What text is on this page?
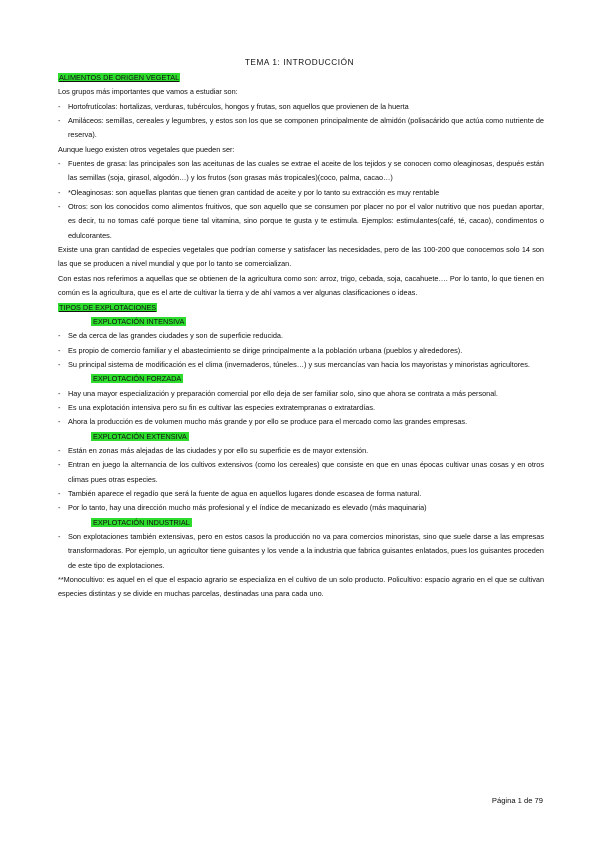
TEMA 1: INTRODUCCIÓN

ALIMENTOS DE ORIGEN VEGETAL

Los grupos más importantes que vamos a estudiar son:

- Hortofrutícolas: hortalizas, verduras, tubérculos, hongos y frutas, son aquellos que provienen de la huerta
- Amiláceos: semillas, cereales y legumbres, y estos son los que se componen principalmente de almidón (polisacárido que actúa como nutriente de reserva).

Aunque luego existen otros vegetales que pueden ser:

- Fuentes de grasa: las principales son las aceitunas de las cuales se extrae el aceite de los tejidos y se conocen como oleaginosas, después están las semillas (soja, girasol, algodón…) y los frutos (son grasas más tropicales)(coco, palma, cacao…)
- *Oleaginosas: son aquellas plantas que tienen gran cantidad de aceite y por lo tanto su extracción es muy rentable
- Otros: son los conocidos como alimentos fruitivos, que son aquello que se consumen por placer no por el valor nutritivo que nos puedan aportar, es decir, tu no tomas café porque tiene tal vitamina, sino porque te gusta y te estimula. Ejemplos: estimulantes(café, té, cacao), condimentos o edulcorantes.

Existe una gran cantidad de especies vegetales que podrían comerse y satisfacer las necesidades, pero de las 100-200 que conocemos solo 14 son las que se producen a nivel mundial y que por lo tanto se comercializan.

Con estas nos referimos a aquellas que se obtienen de la agricultura como son: arroz, trigo, cebada, soja, cacahuete…. Por lo tanto, lo que tienen en común es la agricultura, que es el arte de cultivar la tierra y de ahí vamos a ver algunas clasificaciones o ideas.

TIPOS DE EXPLOTACIONES

EXPLOTACIÓN INTENSIVA

- Se da cerca de las grandes ciudades y son de superficie reducida.
- Es propio de comercio familiar y el abastecimiento se dirige principalmente a la población urbana (pueblos y alrededores).
- Su principal sistema de modificación es el clima (invernaderos, túneles…) y sus mercancías van hacia los mayoristas y minoristas agricultores.

EXPLOTACIÓN FORZADA

- Hay una mayor especialización y preparación comercial por ello deja de ser familiar solo, sino que ahora se contrata a más personal.
- Es una explotación intensiva pero su fin es cultivar las especies extratempranas o extratardías.
- Ahora la producción es de volumen mucho más grande y por ello se produce para el mercado como las grandes empresas.

EXPLOTACIÓN EXTENSIVA

- Están en zonas más alejadas de las ciudades y por ello su superficie es de mayor extensión.
- Entran en juego la alternancia de los cultivos extensivos (como los cereales) que consiste en que en unas épocas cultivar unas cosas y en otros climas pues otras especies.
- También aparece el regadío que será la fuente de agua en aquellos lugares donde escasea de forma natural.
- Por lo tanto, hay una dirección mucho más profesional y el índice de mecanizado es elevado (más maquinaria)

EXPLOTACIÓN INDUSTRIAL

- Son explotaciones también extensivas, pero en estos casos la producción no va para comercios minoristas, sino que suele darse a las empresas transformadoras. Por ejemplo, un agricultor tiene guisantes y los vende a la industria que fabrica guisantes enlatados, pues los guisantes proceden de este tipo de explotaciones.

**Monocultivo: es aquel en el que el espacio agrario se especializa en el cultivo de un solo producto. Policultivo: espacio agrario en el que se cultivan especies distintas y se divide en muchas parcelas, destinadas una para cada uno.

Página 1 de 79
